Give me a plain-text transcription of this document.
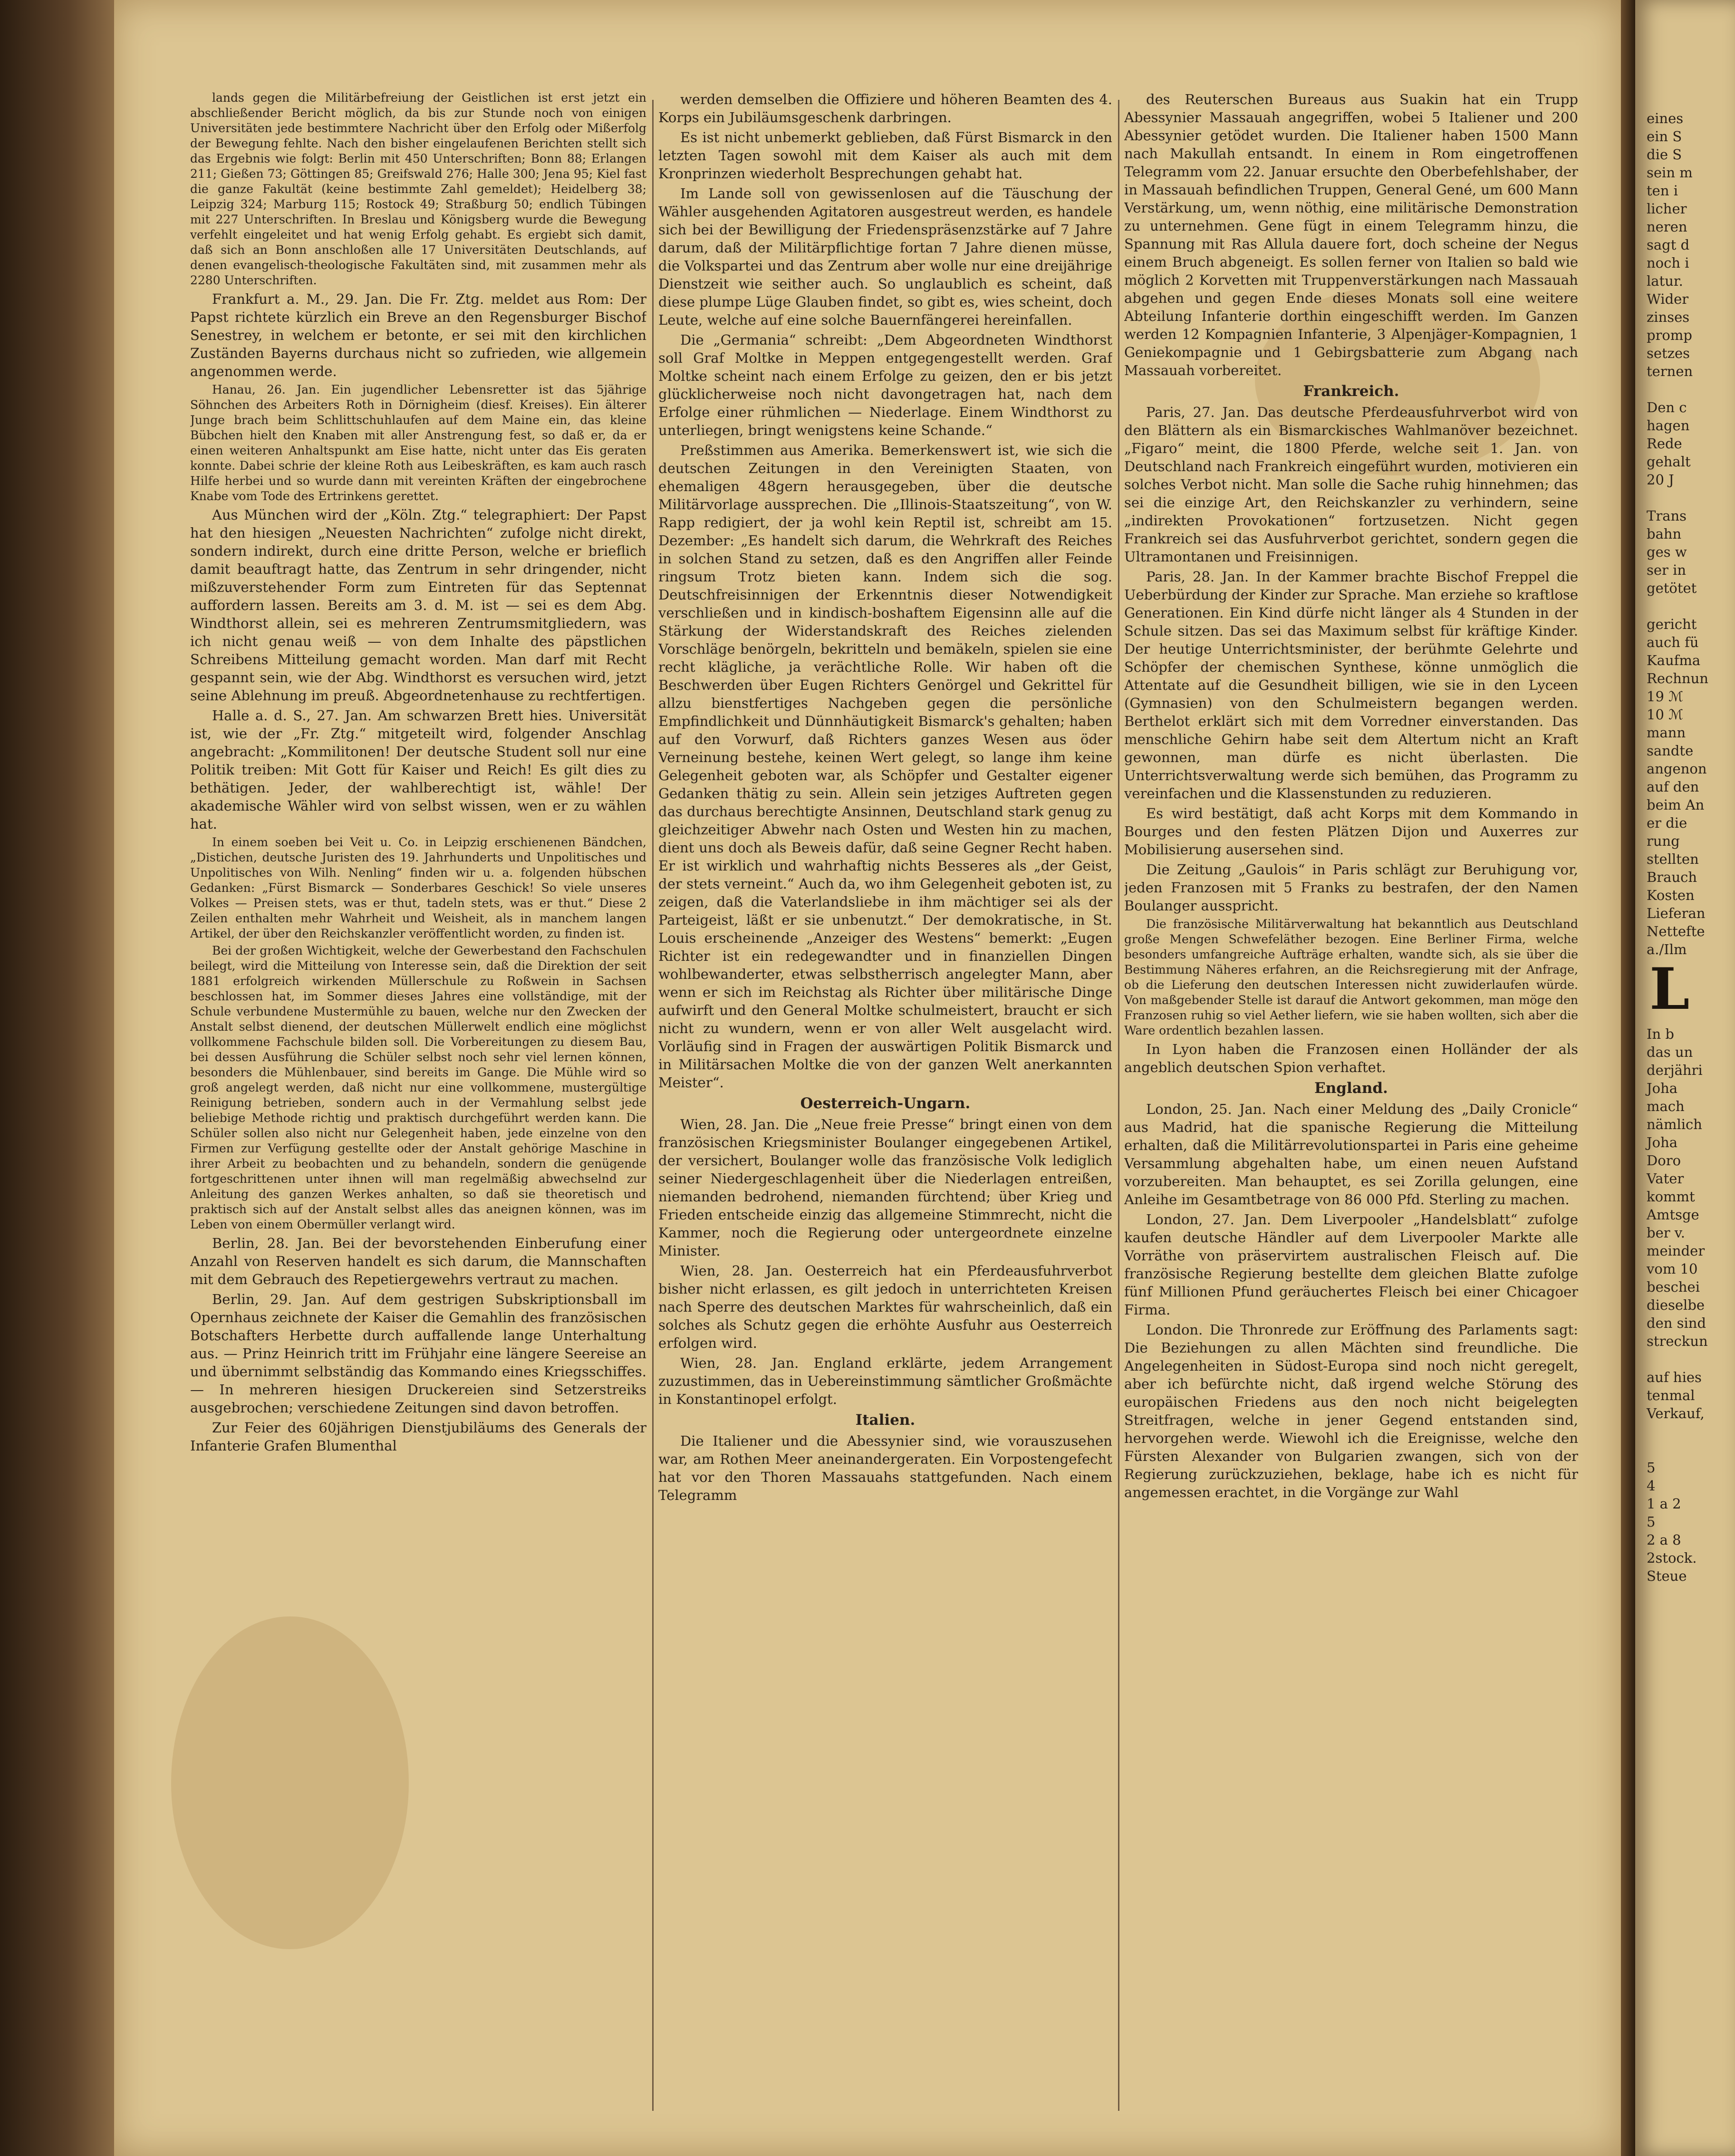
lands gegen die Militärbefreiung der Geistlichen ist erst jetzt ein abschließender Bericht möglich, da bis zur Stunde noch von einigen Universitäten jede bestimmtere Nachricht über den Erfolg oder Mißerfolg der Bewegung fehlte. Nach den bisher eingelaufenen Berichten stellt sich das Ergebnis wie folgt: Berlin mit 450 Unterschriften; Bonn 88; Erlangen 211; Gießen 73; Göttingen 85; Greifswald 276; Halle 300; Jena 95; Kiel fast die ganze Fakultät (keine bestimmte Zahl gemeldet); Heidelberg 38; Leipzig 324; Marburg 115; Rostock 49; Straßburg 50; endlich Tübingen mit 227 Unterschriften. In Breslau und Königsberg wurde die Bewegung verfehlt eingeleitet und hat wenig Erfolg gehabt. Es ergiebt sich damit, daß sich an Bonn anschloßen alle 17 Universitäten Deutschlands, auf denen evangelisch-theologische Fakultäten sind, mit zusammen mehr als 2280 Unterschriften.

Frankfurt a. M., 29. Jan. Die Fr. Ztg. meldet aus Rom: Der Papst richtete kürzlich ein Breve an den Regensburger Bischof Senestrey, in welchem er betonte, er sei mit den kirchlichen Zuständen Bayerns durchaus nicht so zufrieden, wie allgemein angenommen werde.

Hanau, 26. Jan. Ein jugendlicher Lebensretter ist das 5jährige Söhnchen des Arbeiters Roth in Dörnigheim (diesf. Kreises). Ein älterer Junge brach beim Schlittschuhlaufen auf dem Maine ein, das kleine Bübchen hielt den Knaben mit aller Anstrengung fest, so daß er, da er einen weiteren Anhaltspunkt am Eise hatte, nicht unter das Eis geraten konnte. Dabei schrie der kleine Roth aus Leibeskräften, es kam auch rasch Hilfe herbei und so wurde dann mit vereinten Kräften der eingebrochene Knabe vom Tode des Ertrinkens gerettet.

Aus München wird der „Köln. Ztg.“ telegraphiert: Der Papst hat den hiesigen „Neuesten Nachrichten“ zufolge nicht direkt, sondern indirekt, durch eine dritte Person, welche er brieflich damit beauftragt hatte, das Zentrum in sehr dringender, nicht mißzuverstehender Form zum Eintreten für das Septennat auffordern lassen. Bereits am 3. d. M. ist — sei es dem Abg. Windthorst allein, sei es mehreren Zentrumsmitgliedern, was ich nicht genau weiß — von dem Inhalte des päpstlichen Schreibens Mitteilung gemacht worden. Man darf mit Recht gespannt sein, wie der Abg. Windthorst es versuchen wird, jetzt seine Ablehnung im preuß. Abgeordnetenhause zu rechtfertigen.

Halle a. d. S., 27. Jan. Am schwarzen Brett hies. Universität ist, wie der „Fr. Ztg.“ mitgeteilt wird, folgender Anschlag angebracht: „Kommilitonen! Der deutsche Student soll nur eine Politik treiben: Mit Gott für Kaiser und Reich! Es gilt dies zu bethätigen. Jeder, der wahlberechtigt ist, wähle! Der akademische Wähler wird von selbst wissen, wen er zu wählen hat.

In einem soeben bei Veit u. Co. in Leipzig erschienenen Bändchen, „Distichen, deutsche Juristen des 19. Jahrhunderts und Unpolitisches und Unpolitisches von Wilh. Nenling“ finden wir u. a. folgenden hübschen Gedanken: „Fürst Bismarck — Sonderbares Geschick! So viele unseres Volkes — Preisen stets, was er thut, tadeln stets, was er thut.“ Diese 2 Zeilen enthalten mehr Wahrheit und Weisheit, als in manchem langen Artikel, der über den Reichskanzler veröffentlicht worden, zu finden ist.

Bei der großen Wichtigkeit, welche der Gewerbestand den Fachschulen beilegt, wird die Mitteilung von Interesse sein, daß die Direktion der seit 1881 erfolgreich wirkenden Müllerschule zu Roßwein in Sachsen beschlossen hat, im Sommer dieses Jahres eine vollständige, mit der Schule verbundene Mustermühle zu bauen, welche nur den Zwecken der Anstalt selbst dienend, der deutschen Müllerwelt endlich eine möglichst vollkommene Fachschule bilden soll. Die Vorbereitungen zu diesem Bau, bei dessen Ausführung die Schüler selbst noch sehr viel lernen können, besonders die Mühlenbauer, sind bereits im Gange. Die Mühle wird so groß angelegt werden, daß nicht nur eine vollkommene, mustergültige Reinigung betrieben, sondern auch in der Vermahlung selbst jede beliebige Methode richtig und praktisch durchgeführt werden kann. Die Schüler sollen also nicht nur Gelegenheit haben, jede einzelne von den Firmen zur Verfügung gestellte oder der Anstalt gehörige Maschine in ihrer Arbeit zu beobachten und zu behandeln, sondern die genügende fortgeschrittenen unter ihnen will man regelmäßig abwechselnd zur Anleitung des ganzen Werkes anhalten, so daß sie theoretisch und praktisch sich auf der Anstalt selbst alles das aneignen können, was im Leben von einem Obermüller verlangt wird.

Berlin, 28. Jan. Bei der bevorstehenden Einberufung einer Anzahl von Reserven handelt es sich darum, die Mannschaften mit dem Gebrauch des Repetiergewehrs vertraut zu machen.

Berlin, 29. Jan. Auf dem gestrigen Subskriptionsball im Opernhaus zeichnete der Kaiser die Gemahlin des französischen Botschafters Herbette durch auffallende lange Unterhaltung aus. — Prinz Heinrich tritt im Frühjahr eine längere Seereise an und übernimmt selbständig das Kommando eines Kriegsschiffes. — In mehreren hiesigen Druckereien sind Setzerstreiks ausgebrochen; verschiedene Zeitungen sind davon betroffen.

Zur Feier des 60jährigen Dienstjubiläums des Generals der Infanterie Grafen Blumenthal

werden demselben die Offiziere und höheren Beamten des 4. Korps ein Jubiläumsgeschenk darbringen.

Es ist nicht unbemerkt geblieben, daß Fürst Bismarck in den letzten Tagen sowohl mit dem Kaiser als auch mit dem Kronprinzen wiederholt Besprechungen gehabt hat.

Im Lande soll von gewissenlosen auf die Täuschung der Wähler ausgehenden Agitatoren ausgestreut werden, es handele sich bei der Bewilligung der Friedenspräsenzstärke auf 7 Jahre darum, daß der Militärpflichtige fortan 7 Jahre dienen müsse, die Volkspartei und das Zentrum aber wolle nur eine dreijährige Dienstzeit wie seither auch. So unglaublich es scheint, daß diese plumpe Lüge Glauben findet, so gibt es, wies scheint, doch Leute, welche auf eine solche Bauernfängerei hereinfallen.

Die „Germania“ schreibt: „Dem Abgeordneten Windthorst soll Graf Moltke in Meppen entgegengestellt werden. Graf Moltke scheint nach einem Erfolge zu geizen, den er bis jetzt glücklicherweise noch nicht davongetragen hat, nach dem Erfolge einer rühmlichen — Niederlage. Einem Windthorst zu unterliegen, bringt wenigstens keine Schande.“

Preßstimmen aus Amerika. Bemerkenswert ist, wie sich die deutschen Zeitungen in den Vereinigten Staaten, von ehemaligen 48gern herausgegeben, über die deutsche Militärvorlage aussprechen. Die „Illinois-Staatszeitung“, von W. Rapp redigiert, der ja wohl kein Reptil ist, schreibt am 15. Dezember: „Es handelt sich darum, die Wehrkraft des Reiches in solchen Stand zu setzen, daß es den Angriffen aller Feinde ringsum Trotz bieten kann. Indem sich die sog. Deutschfreisinnigen der Erkenntnis dieser Notwendigkeit verschließen und in kindisch-boshaftem Eigensinn alle auf die Stärkung der Widerstandskraft des Reiches zielenden Vorschläge benörgeln, bekritteln und bemäkeln, spielen sie eine recht klägliche, ja verächtliche Rolle. Wir haben oft die Beschwerden über Eugen Richters Genörgel und Gekrittel für allzu bienstfertiges Nachgeben gegen die persönliche Empfindlichkeit und Dünnhäutigkeit Bismarck's gehalten; haben auf den Vorwurf, daß Richters ganzes Wesen aus öder Verneinung bestehe, keinen Wert gelegt, so lange ihm keine Gelegenheit geboten war, als Schöpfer und Gestalter eigener Gedanken thätig zu sein. Allein sein jetziges Auftreten gegen das durchaus berechtigte Ansinnen, Deutschland stark genug zu gleichzeitiger Abwehr nach Osten und Westen hin zu machen, dient uns doch als Beweis dafür, daß seine Gegner Recht haben. Er ist wirklich und wahrhaftig nichts Besseres als „der Geist, der stets verneint.“ Auch da, wo ihm Gelegenheit geboten ist, zu zeigen, daß die Vaterlandsliebe in ihm mächtiger sei als der Parteigeist, läßt er sie unbenutzt.“ Der demokratische, in St. Louis erscheinende „Anzeiger des Westens“ bemerkt: „Eugen Richter ist ein redegewandter und in finanziellen Dingen wohlbewanderter, etwas selbstherrisch angelegter Mann, aber wenn er sich im Reichstag als Richter über militärische Dinge aufwirft und den General Moltke schulmeistert, braucht er sich nicht zu wundern, wenn er von aller Welt ausgelacht wird. Vorläufig sind in Fragen der auswärtigen Politik Bismarck und in Militärsachen Moltke die von der ganzen Welt anerkannten Meister“.

Oesterreich-Ungarn.

Wien, 28. Jan. Die „Neue freie Presse“ bringt einen von dem französischen Kriegsminister Boulanger eingegebenen Artikel, der versichert, Boulanger wolle das französische Volk lediglich seiner Niedergeschlagenheit über die Niederlagen entreißen, niemanden bedrohend, niemanden fürchtend; über Krieg und Frieden entscheide einzig das allgemeine Stimmrecht, nicht die Kammer, noch die Regierung oder untergeordnete einzelne Minister.

Wien, 28. Jan. Oesterreich hat ein Pferdeausfuhrverbot bisher nicht erlassen, es gilt jedoch in unterrichteten Kreisen nach Sperre des deutschen Marktes für wahrscheinlich, daß ein solches als Schutz gegen die erhöhte Ausfuhr aus Oesterreich erfolgen wird.

Wien, 28. Jan. England erklärte, jedem Arrangement zuzustimmen, das in Uebereinstimmung sämtlicher Großmächte in Konstantinopel erfolgt.

Italien.

Die Italiener und die Abessynier sind, wie vorauszusehen war, am Rothen Meer aneinandergeraten. Ein Vorpostengefecht hat vor den Thoren Massauahs stattgefunden. Nach einem Telegramm

des Reuterschen Bureaus aus Suakin hat ein Trupp Abessynier Massauah angegriffen, wobei 5 Italiener und 200 Abessynier getödet wurden. Die Italiener haben 1500 Mann nach Makullah entsandt. In einem in Rom eingetroffenen Telegramm vom 22. Januar ersuchte den Oberbefehlshaber, der in Massauah befindlichen Truppen, General Gené, um 600 Mann Verstärkung, um, wenn nöthig, eine militärische Demonstration zu unternehmen. Gene fügt in einem Telegramm hinzu, die Spannung mit Ras Allula dauere fort, doch scheine der Negus einem Bruch abgeneigt. Es sollen ferner von Italien so bald wie möglich 2 Korvetten mit Truppenverstärkungen nach Massauah abgehen und gegen Ende dieses Monats soll eine weitere Abteilung Infanterie dorthin eingeschifft werden. Im Ganzen werden 12 Kompagnien Infanterie, 3 Alpenjäger-Kompagnien, 1 Geniekompagnie und 1 Gebirgsbatterie zum Abgang nach Massauah vorbereitet.

Frankreich.

Paris, 27. Jan. Das deutsche Pferdeausfuhrverbot wird von den Blättern als ein Bismarckisches Wahlmanöver bezeichnet. „Figaro“ meint, die 1800 Pferde, welche seit 1. Jan. von Deutschland nach Frankreich eingeführt wurden, motivieren ein solches Verbot nicht. Man solle die Sache ruhig hinnehmen; das sei die einzige Art, den Reichskanzler zu verhindern, seine „indirekten Provokationen“ fortzusetzen. Nicht gegen Frankreich sei das Ausfuhrverbot gerichtet, sondern gegen die Ultramontanen und Freisinnigen.

Paris, 28. Jan. In der Kammer brachte Bischof Freppel die Ueberbürdung der Kinder zur Sprache. Man erziehe so kraftlose Generationen. Ein Kind dürfe nicht länger als 4 Stunden in der Schule sitzen. Das sei das Maximum selbst für kräftige Kinder. Der heutige Unterrichtsminister, der berühmte Gelehrte und Schöpfer der chemischen Synthese, könne unmöglich die Attentate auf die Gesundheit billigen, wie sie in den Lyceen (Gymnasien) von den Schulmeistern begangen werden. Berthelot erklärt sich mit dem Vorredner einverstanden. Das menschliche Gehirn habe seit dem Altertum nicht an Kraft gewonnen, man dürfe es nicht überlasten. Die Unterrichtsverwaltung werde sich bemühen, das Programm zu vereinfachen und die Klassenstunden zu reduzieren.

Es wird bestätigt, daß acht Korps mit dem Kommando in Bourges und den festen Plätzen Dijon und Auxerres zur Mobilisierung ausersehen sind.

Die Zeitung „Gaulois“ in Paris schlägt zur Beruhigung vor, jeden Franzosen mit 5 Franks zu bestrafen, der den Namen Boulanger ausspricht.

Die französische Militärverwaltung hat bekanntlich aus Deutschland große Mengen Schwefeläther bezogen. Eine Berliner Firma, welche besonders umfangreiche Aufträge erhalten, wandte sich, als sie über die Bestimmung Näheres erfahren, an die Reichsregierung mit der Anfrage, ob die Lieferung den deutschen Interessen nicht zuwiderlaufen würde. Von maßgebender Stelle ist darauf die Antwort gekommen, man möge den Franzosen ruhig so viel Aether liefern, wie sie haben wollten, sich aber die Ware ordentlich bezahlen lassen.

In Lyon haben die Franzosen einen Holländer der als angeblich deutschen Spion verhaftet.

England.

London, 25. Jan. Nach einer Meldung des „Daily Cronicle“ aus Madrid, hat die spanische Regierung die Mitteilung erhalten, daß die Militärrevolutionspartei in Paris eine geheime Versammlung abgehalten habe, um einen neuen Aufstand vorzubereiten. Man behauptet, es sei Zorilla gelungen, eine Anleihe im Gesamtbetrage von 86 000 Pfd. Sterling zu machen.

London, 27. Jan. Dem Liverpooler „Handelsblatt“ zufolge kaufen deutsche Händler auf dem Liverpooler Markte alle Vorräthe von präservirtem australischen Fleisch auf. Die französische Regierung bestellte dem gleichen Blatte zufolge fünf Millionen Pfund geräuchertes Fleisch bei einer Chicagoer Firma.

London. Die Thronrede zur Eröffnung des Parlaments sagt: Die Beziehungen zu allen Mächten sind freundliche. Die Angelegenheiten in Südost-Europa sind noch nicht geregelt, aber ich befürchte nicht, daß irgend welche Störung des europäischen Friedens aus den noch nicht beigelegten Streitfragen, welche in jener Gegend entstanden sind, hervorgehen werde. Wiewohl ich die Ereignisse, welche den Fürsten Alexander von Bulgarien zwangen, sich von der Regierung zurückzuziehen, beklage, habe ich es nicht für angemessen erachtet, in die Vorgänge zur Wahl

eines
ein S
die S
sein m
ten i
licher
neren
sagt d
noch i
latur.
Wider
zinses
promp
setzes
ternen
Den c
hagen
Rede
gehalt
20 J
Trans
bahn
ges w
ser in
getötet
gericht
auch fü
Kaufma
Rechnun
19 ℳ
10 ℳ
mann
sandte
angenon
auf den
beim An
er die
rung
stellten
Brauch
Kosten
Lieferan
Nettefte
a./Ilm
L
In b
das un
derjähri
Joha
mach
nämlich
Joha
Doro
Vater
kommt
Amtsge
ber v.
meinder
vom 10
beschei
dieselbe
den sind
streckun
auf hies
tenmal
Verkauf,
5
4
1 a 2
5
2 a 8
2stock.
Steue
